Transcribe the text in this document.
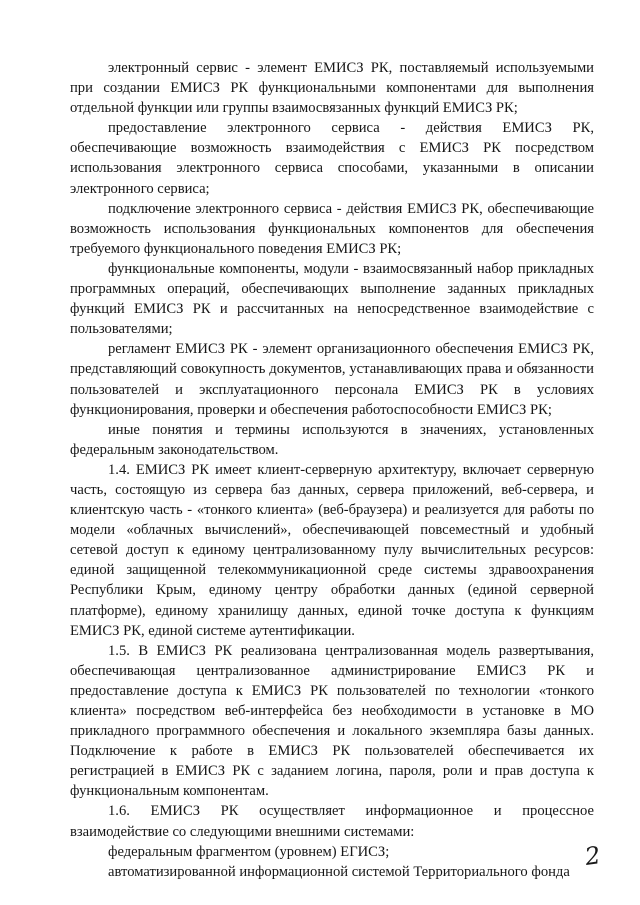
электронный сервис - элемент ЕМИСЗ РК, поставляемый используемыми при создании ЕМИСЗ РК функциональными компонентами для выполнения отдельной функции или группы взаимосвязанных функций ЕМИСЗ РК;

предоставление электронного сервиса - действия ЕМИСЗ РК, обеспечивающие возможность взаимодействия с ЕМИСЗ РК посредством использования электронного сервиса способами, указанными в описании электронного сервиса;

подключение электронного сервиса - действия ЕМИСЗ РК, обеспечивающие возможность использования функциональных компонентов для обеспечения требуемого функционального поведения ЕМИСЗ РК;

функциональные компоненты, модули - взаимосвязанный набор прикладных программных операций, обеспечивающих выполнение заданных прикладных функций ЕМИСЗ РК и рассчитанных на непосредственное взаимодействие с пользователями;

регламент ЕМИСЗ РК - элемент организационного обеспечения ЕМИСЗ РК, представляющий совокупность документов, устанавливающих права и обязанности пользователей и эксплуатационного персонала ЕМИСЗ РК в условиях функционирования, проверки и обеспечения работоспособности ЕМИСЗ РК;

иные понятия и термины используются в значениях, установленных федеральным законодательством.

1.4. ЕМИСЗ РК имеет клиент-серверную архитектуру, включает серверную часть, состоящую из сервера баз данных, сервера приложений, веб-сервера, и клиентскую часть - «тонкого клиента» (веб-браузера) и реализуется для работы по модели «облачных вычислений», обеспечивающей повсеместный и удобный сетевой доступ к единому централизованному пулу вычислительных ресурсов: единой защищенной телекоммуникационной среде системы здравоохранения Республики Крым, единому центру обработки данных (единой серверной платформе), единому хранилищу данных, единой точке доступа к функциям ЕМИСЗ РК, единой системе аутентификации.

1.5. В ЕМИСЗ РК реализована централизованная модель развертывания, обеспечивающая централизованное администрирование ЕМИСЗ РК и предоставление доступа к ЕМИСЗ РК пользователей по технологии «тонкого клиента» посредством веб-интерфейса без необходимости в установке в МО прикладного программного обеспечения и локального экземпляра базы данных. Подключение к работе в ЕМИСЗ РК пользователей обеспечивается их регистрацией в ЕМИСЗ РК с заданием логина, пароля, роли и прав доступа к функциональным компонентам.

1.6. ЕМИСЗ РК осуществляет информационное и процессное взаимодействие со следующими внешними системами:

федеральным фрагментом (уровнем) ЕГИСЗ;

автоматизированной информационной системой Территориального фонда

2
